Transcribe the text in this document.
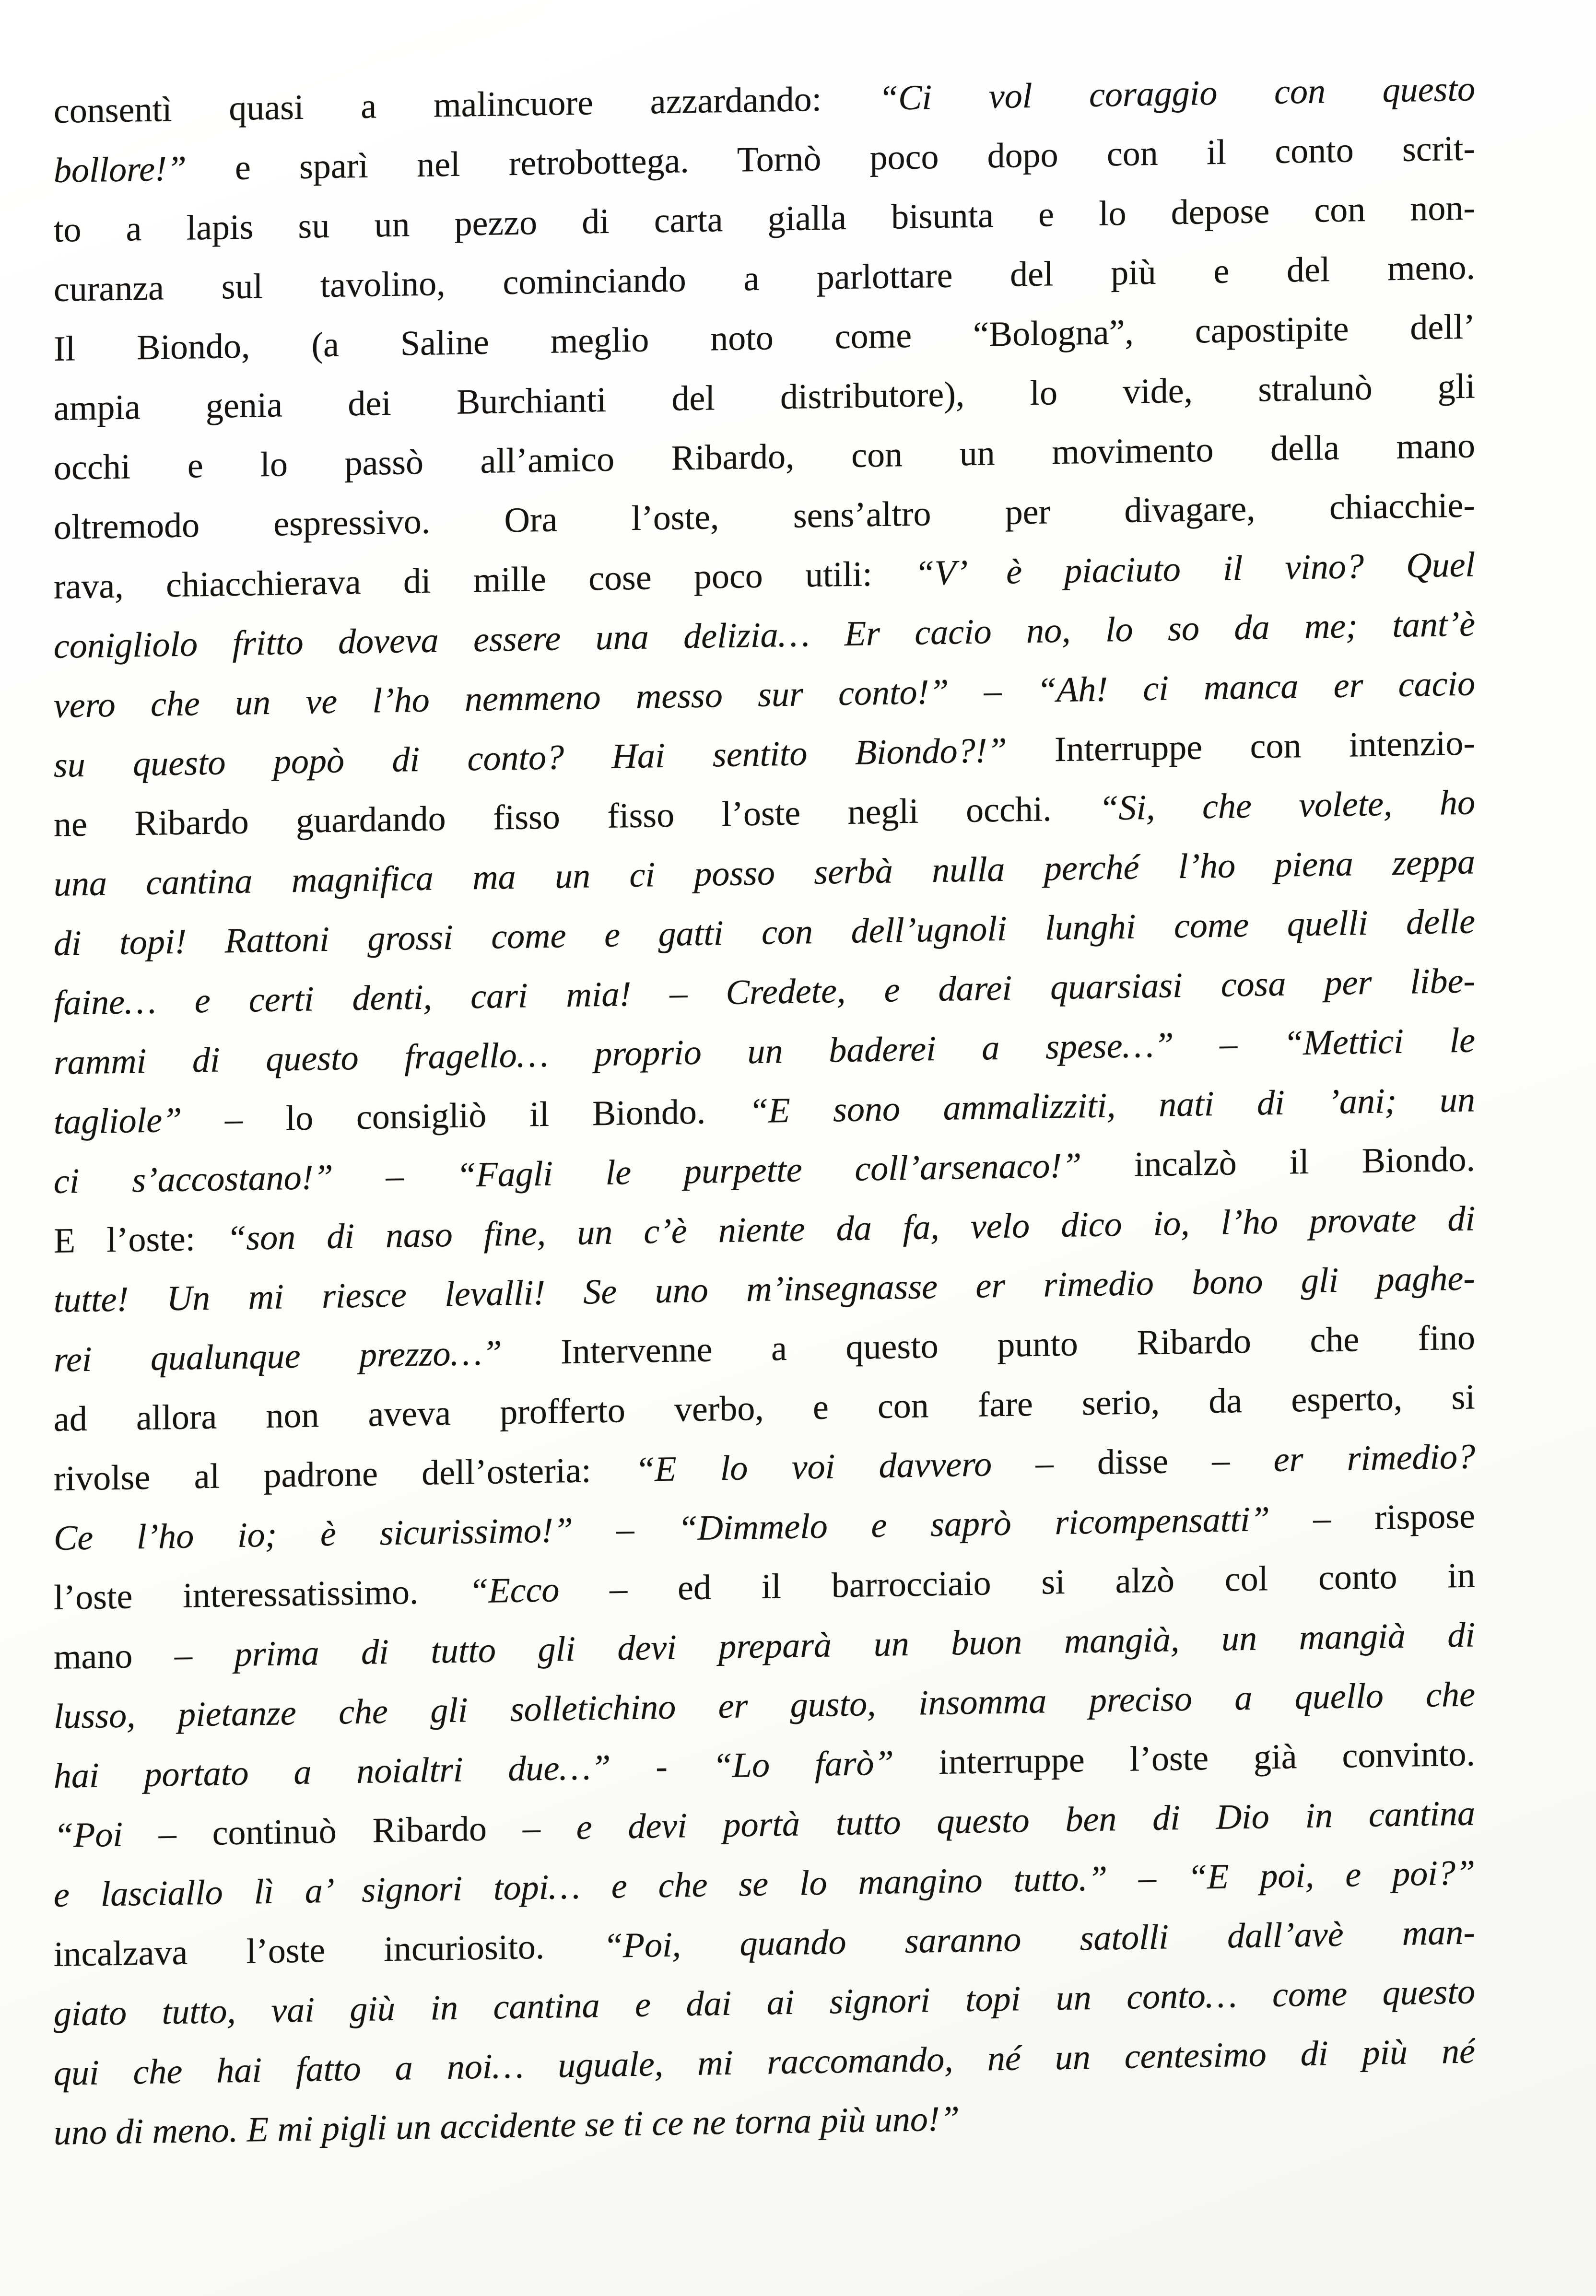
consentì quasi a malincuore azzardando: “Ci vol coraggio con questo
bollore!” e sparì nel retrobottega. Tornò poco dopo con il conto scrit-
to a lapis su un pezzo di carta gialla bisunta e lo depose con non-
curanza sul tavolino, cominciando a parlottare del più e del meno.
Il Biondo, (a Saline meglio noto come “Bologna”, capostipite dell’
ampia genia dei Burchianti del distributore), lo vide, stralunò gli
occhi e lo passò all’amico Ribardo, con un movimento della mano
oltremodo espressivo. Ora l’oste, sens’altro per divagare, chiacchie-
rava, chiacchierava di mille cose poco utili: “V’ è piaciuto il vino? Quel
conigliolo fritto doveva essere una delizia… Er cacio no, lo so da me; tant’è
vero che un ve l’ho nemmeno messo sur conto!” – “Ah! ci manca er cacio
su questo popò di conto? Hai sentito Biondo?!” Interruppe con intenzio-
ne Ribardo guardando fisso fisso l’oste negli occhi. “Si, che volete, ho
una cantina magnifica ma un ci posso serbà nulla perché l’ho piena zeppa
di topi! Rattoni grossi come e gatti con dell’ugnoli lunghi come quelli delle
faine… e certi denti, cari mia! – Credete, e darei quarsiasi cosa per libe-
rammi di questo fragello… proprio un baderei a spese…” – “Mettici le
tagliole” – lo consigliò il Biondo. “E sono ammalizziti, nati di ’ani; un
ci s’accostano!” – “Fagli le purpette coll’arsenaco!” incalzò il Biondo.
E l’oste: “son di naso fine, un c’è niente da fa, velo dico io, l’ho provate di
tutte! Un mi riesce levalli! Se uno m’insegnasse er rimedio bono gli paghe-
rei qualunque prezzo…” Intervenne a questo punto Ribardo che fino
ad allora non aveva profferto verbo, e con fare serio, da esperto, si
rivolse al padrone dell’osteria: “E lo voi davvero – disse – er rimedio?
Ce l’ho io; è sicurissimo!” – “Dimmelo e saprò ricompensatti” – rispose
l’oste interessatissimo. “Ecco – ed il barrocciaio si alzò col conto in
mano – prima di tutto gli devi preparà un buon mangià, un mangià di
lusso, pietanze che gli solletichino er gusto, insomma preciso a quello che
hai portato a noialtri due…” - “Lo farò” interruppe l’oste già convinto.
“Poi – continuò Ribardo – e devi portà tutto questo ben di Dio in cantina
e lasciallo lì a’ signori topi… e che se lo mangino tutto.” – “E poi, e poi?”
incalzava l’oste incuriosito. “Poi, quando saranno satolli dall’avè man-
giato tutto, vai giù in cantina e dai ai signori topi un conto… come questo
qui che hai fatto a noi… uguale, mi raccomando, né un centesimo di più né
uno di meno. E mi pigli un accidente se ti ce ne torna più uno!”
